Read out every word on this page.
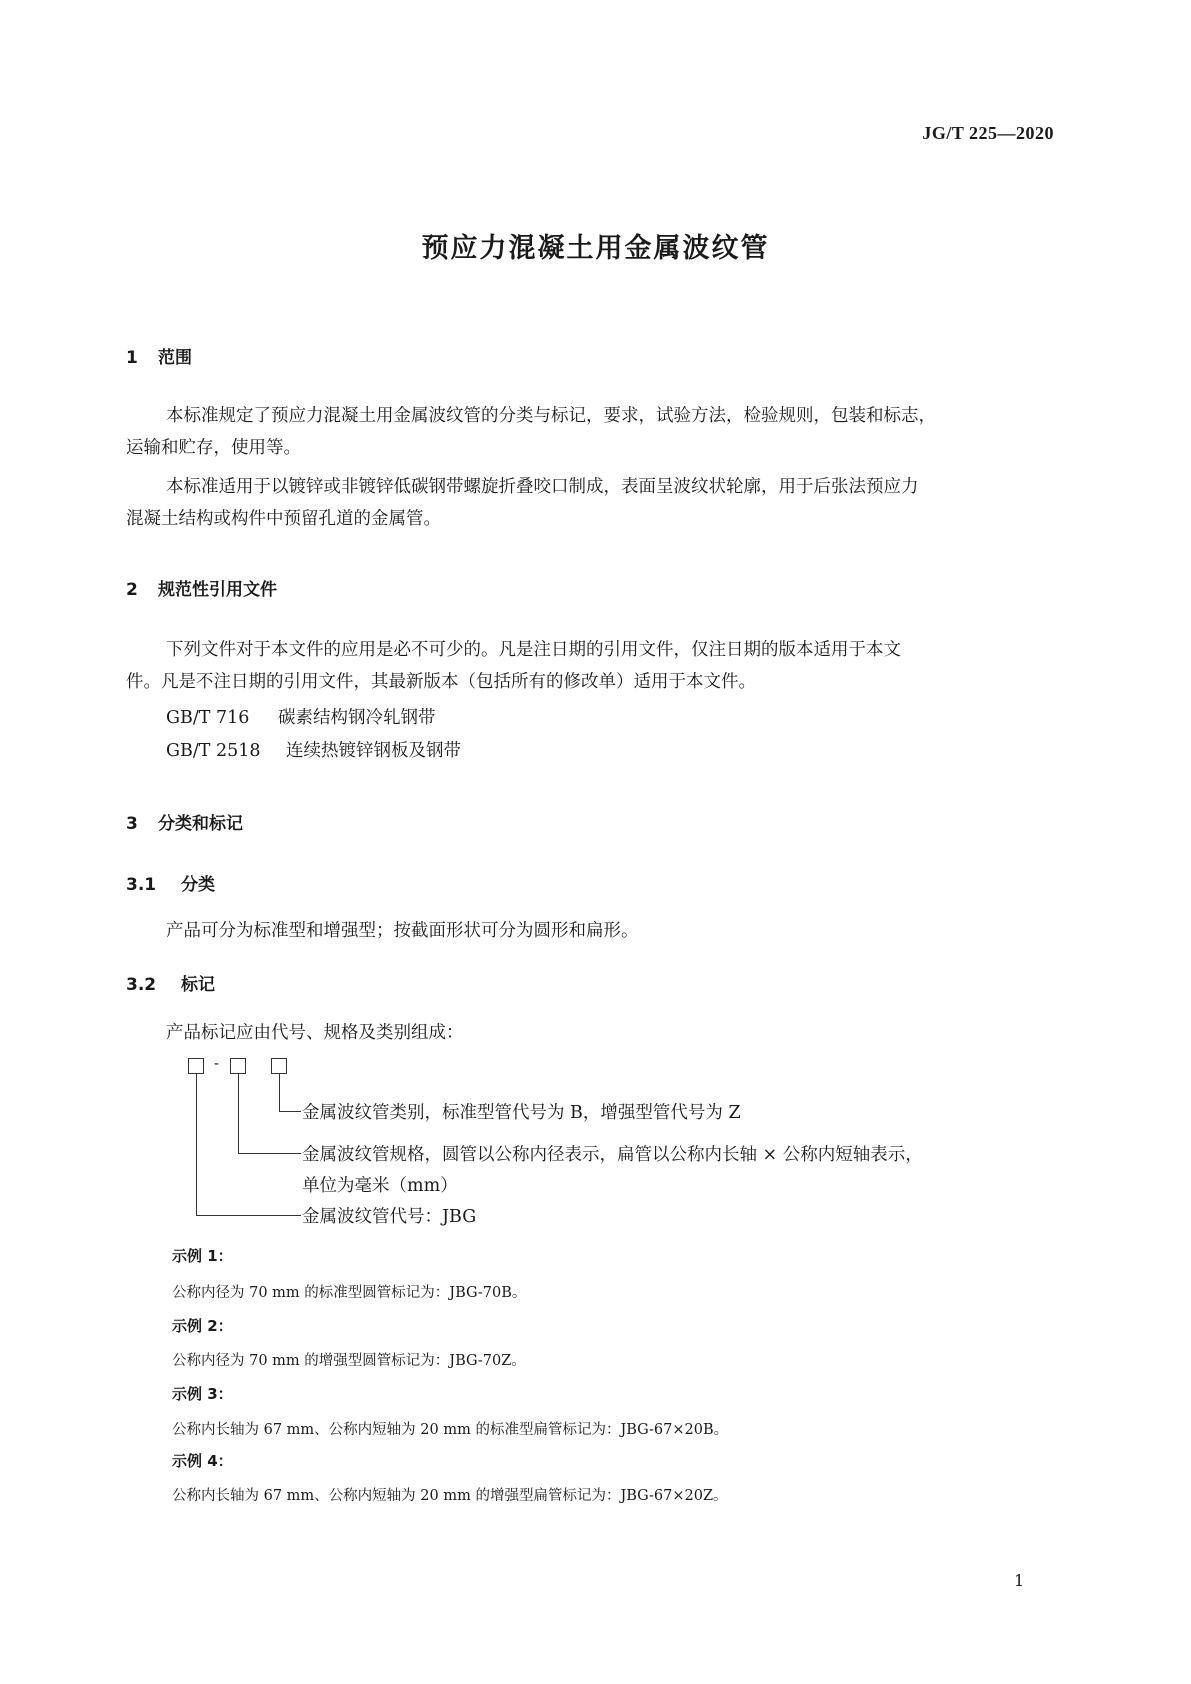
JG/T 225—2020
预应力混凝土用金属波纹管
1 范围
本标准规定了预应力混凝土用金属波纹管的分类与标记，要求，试验方法，检验规则，包装和标志，
运输和贮存，使用等。
本标准适用于以镀锌或非镀锌低碳钢带螺旋折叠咬口制成，表面呈波纹状轮廓，用于后张法预应力
混凝土结构或构件中预留孔道的金属管。
2 规范性引用文件
下列文件对于本文件的应用是必不可少的。凡是注日期的引用文件，仅注日期的版本适用于本文
件。凡是不注日期的引用文件，其最新版本（包括所有的修改单）适用于本文件。
GB/T 716 碳素结构钢冷轧钢带
GB/T 2518 连续热镀锌钢板及钢带
3 分类和标记
3.1 分类
产品可分为标准型和增强型；按截面形状可分为圆形和扁形。
3.2 标记
产品标记应由代号、规格及类别组成：
-
金属波纹管类别，标准型管代号为 B，增强型管代号为 Z
金属波纹管规格，圆管以公称内径表示，扁管以公称内长轴 × 公称内短轴表示，
单位为毫米（mm）
金属波纹管代号：JBG
示例 1：
公称内径为 70 mm 的标准型圆管标记为：JBG-70B。
示例 2：
公称内径为 70 mm 的增强型圆管标记为：JBG-70Z。
示例 3：
公称内长轴为 67 mm、公称内短轴为 20 mm 的标准型扁管标记为：JBG-67×20B。
示例 4：
公称内长轴为 67 mm、公称内短轴为 20 mm 的增强型扁管标记为：JBG-67×20Z。
1
